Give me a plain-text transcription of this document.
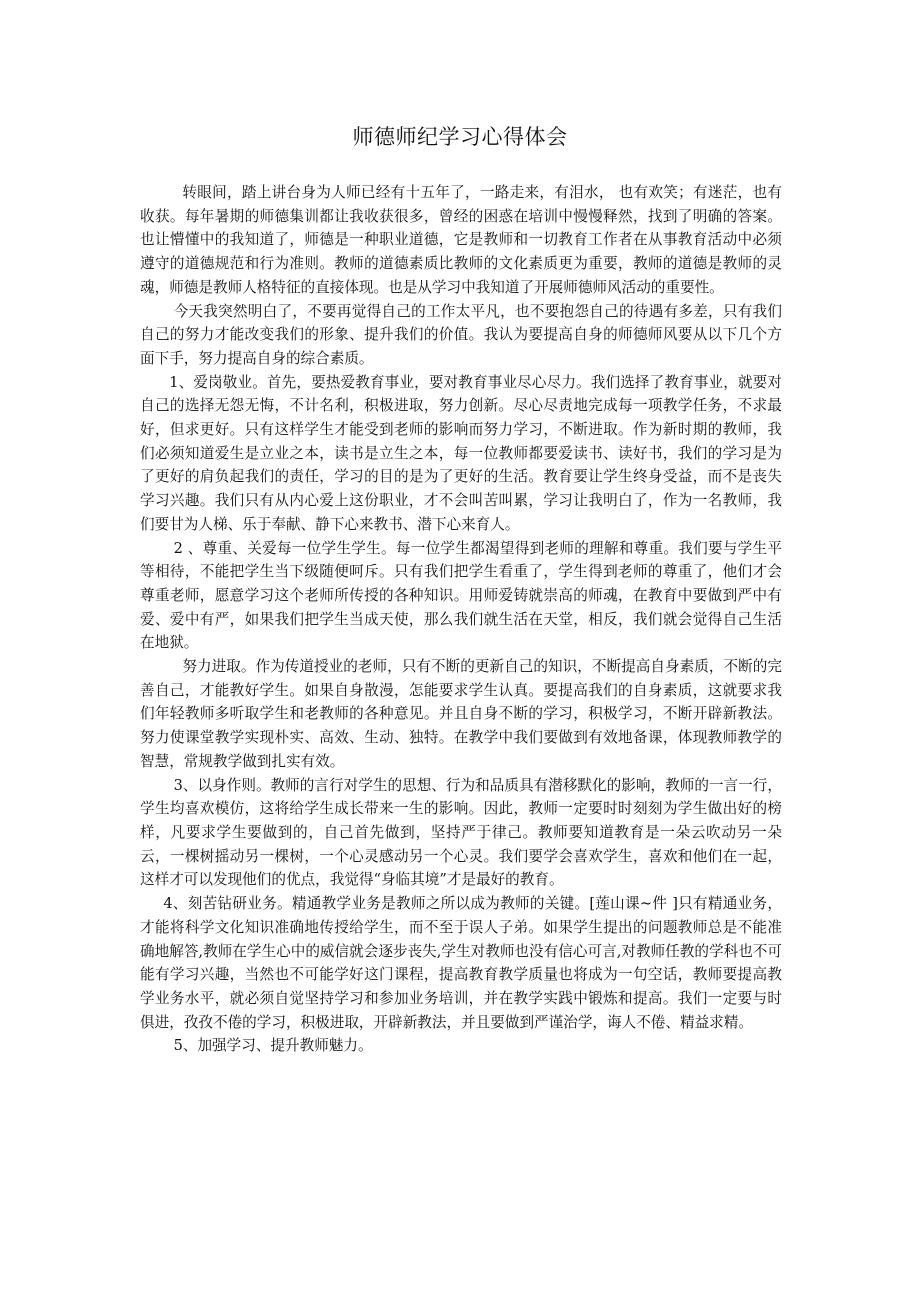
师德师纪学习心得体会

转眼间，踏上讲台身为人师已经有十五年了，一路走来，有泪水， 也有欢笑；有迷茫，也有收获。每年暑期的师德集训都让我收获很多，曾经的困惑在培训中慢慢释然，找到了明确的答案。也让懵懂中的我知道了，师德是一种职业道德，它是教师和一切教育工作者在从事教育活动中必须遵守的道德规范和行为准则。教师的道德素质比教师的文化素质更为重要，教师的道德是教师的灵魂，师德是教师人格特征的直接体现。也是从学习中我知道了开展师德师风活动的重要性。

今天我突然明白了，不要再觉得自己的工作太平凡，也不要抱怨自己的待遇有多差，只有我们自己的努力才能改变我们的形象、提升我们的价值。我认为要提高自身的师德师风要从以下几个方面下手，努力提高自身的综合素质。

1、爱岗敬业。首先，要热爱教育事业，要对教育事业尽心尽力。我们选择了教育事业，就要对自己的选择无怨无悔，不计名利，积极进取，努力创新。尽心尽责地完成每一项教学任务，不求最好，但求更好。只有这样学生才能受到老师的影响而努力学习，不断进取。作为新时期的教师，我们必须知道爱生是立业之本，读书是立生之本，每一位教师都要爱读书、读好书，我们的学习是为了更好的肩负起我们的责任，学习的目的是为了更好的生活。教育要让学生终身受益，而不是丧失学习兴趣。我们只有从内心爱上这份职业，才不会叫苦叫累，学习让我明白了，作为一名教师，我们要甘为人梯、乐于奉献、静下心来教书、潜下心来育人。

2 、尊重、关爱每一位学生学生。每一位学生都渴望得到老师的理解和尊重。我们要与学生平等相待，不能把学生当下级随便呵斥。只有我们把学生看重了，学生得到老师的尊重了，他们才会尊重老师，愿意学习这个老师所传授的各种知识。用师爱铸就崇高的师魂，在教育中要做到严中有爱、爱中有严，如果我们把学生当成天使，那么我们就生活在天堂，相反，我们就会觉得自己生活在地狱。

努力进取。作为传道授业的老师，只有不断的更新自己的知识，不断提高自身素质，不断的完善自己，才能教好学生。如果自身散漫，怎能要求学生认真。要提高我们的自身素质，这就要求我们年轻教师多听取学生和老教师的各种意见。并且自身不断的学习，积极学习，不断开辟新教法。努力使课堂教学实现朴实、高效、生动、独特。在教学中我们要做到有效地备课，体现教师教学的智慧，常规教学做到扎实有效。

3、以身作则。教师的言行对学生的思想、行为和品质具有潜移默化的影响，教师的一言一行，学生均喜欢模仿，这将给学生成长带来一生的影响。因此，教师一定要时时刻刻为学生做出好的榜样，凡要求学生要做到的，自己首先做到，坚持严于律己。教师要知道教育是一朵云吹动另一朵云，一棵树摇动另一棵树，一个心灵感动另一个心灵。我们要学会喜欢学生，喜欢和他们在一起，这样才可以发现他们的优点，我觉得“身临其境”才是最好的教育。

4、刻苦钻研业务。精通教学业务是教师之所以成为教师的关键。[莲山课~件 ]只有精通业务，才能将科学文化知识准确地传授给学生，而不至于误人子弟。如果学生提出的问题教师总是不能准确地解答,教师在学生心中的威信就会逐步丧失,学生对教师也没有信心可言,对教师任教的学科也不可能有学习兴趣，当然也不可能学好这门课程，提高教育教学质量也将成为一句空话，教师要提高教学业务水平，就必须自觉坚持学习和参加业务培训，并在教学实践中锻炼和提高。我们一定要与时俱进，孜孜不倦的学习，积极进取，开辟新教法，并且要做到严谨治学，诲人不倦、精益求精。

5、加强学习、提升教师魅力。
